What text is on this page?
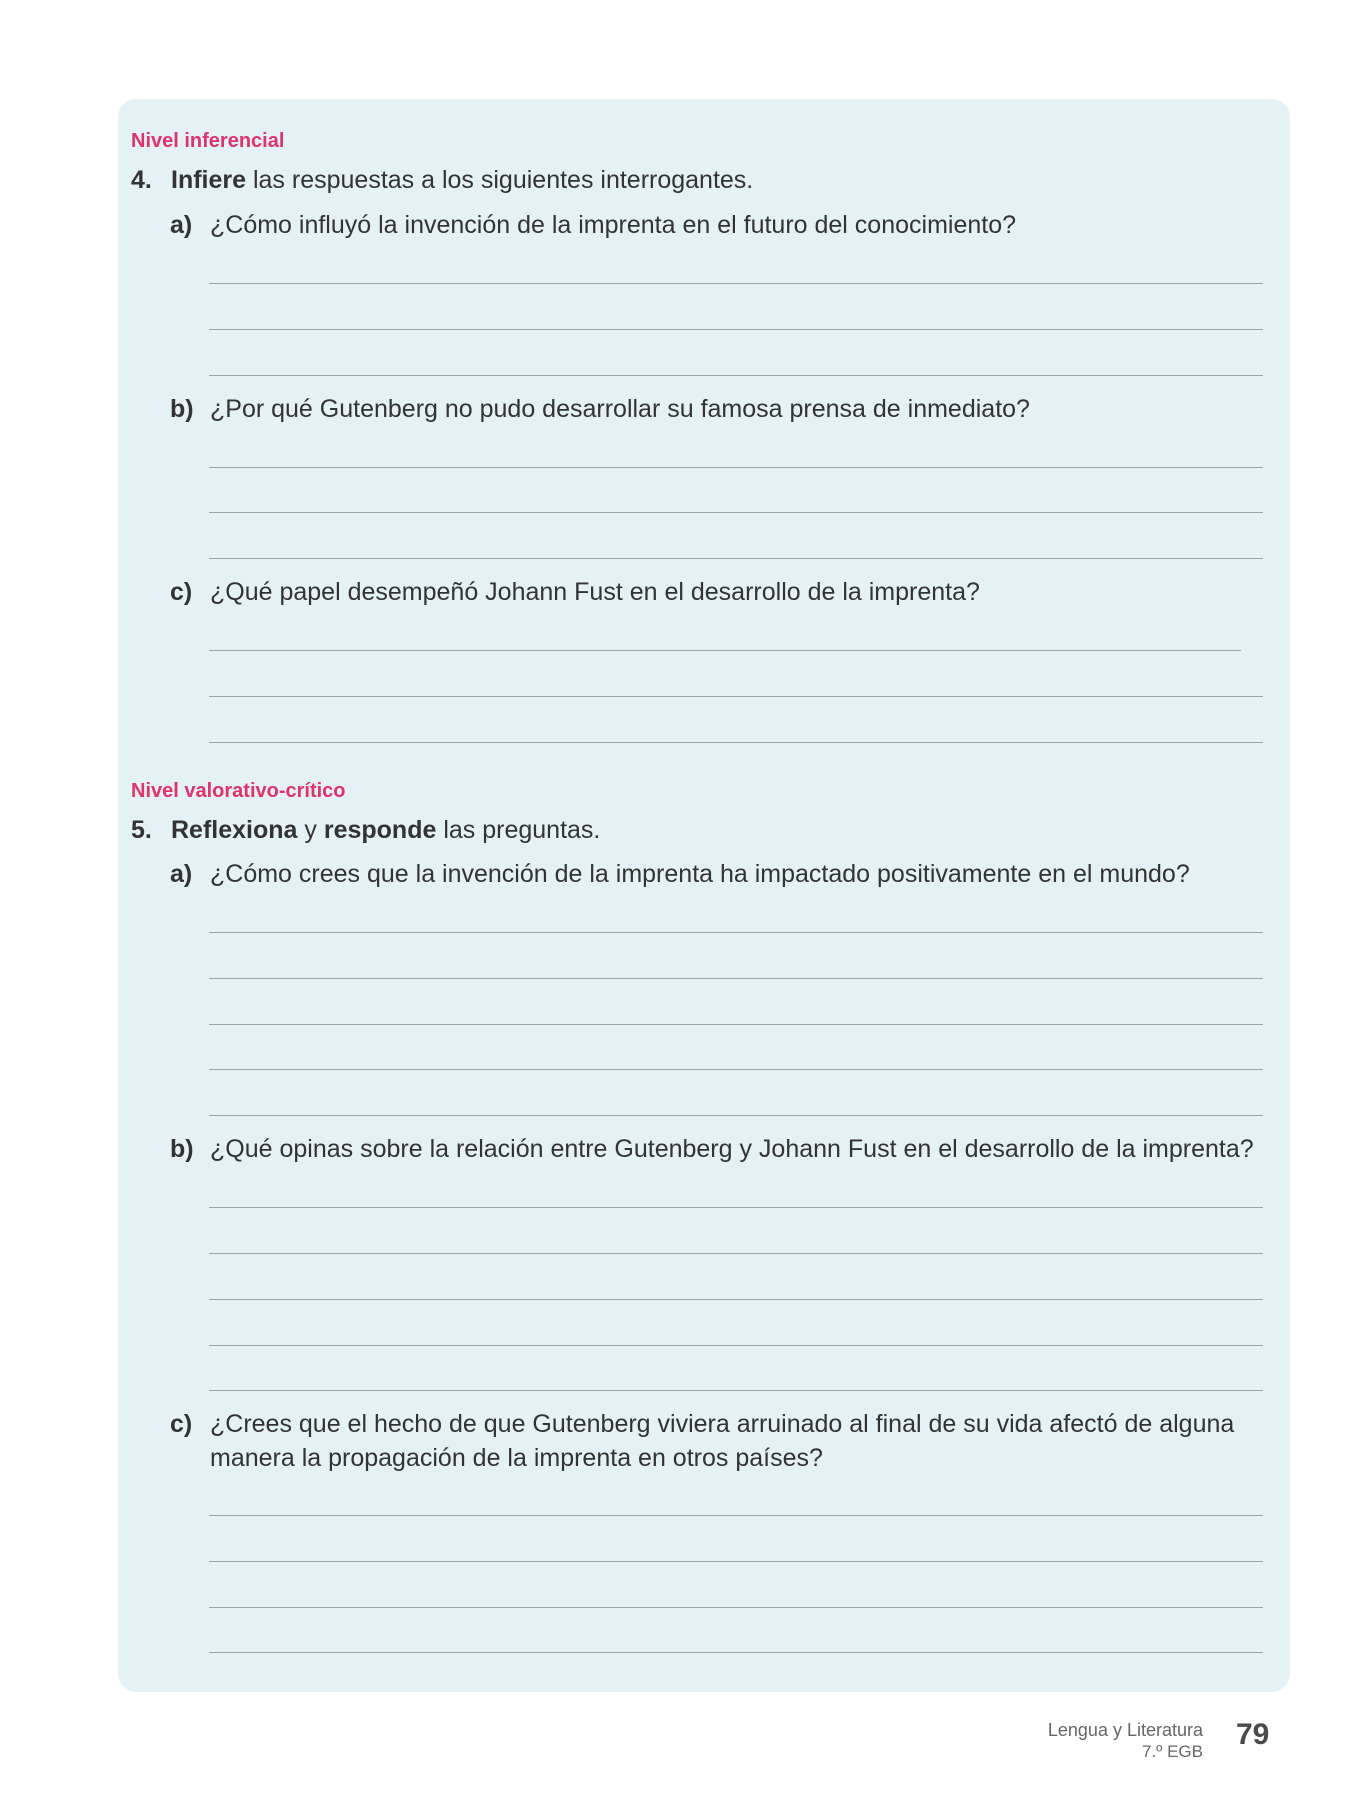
Nivel inferencial
4. Infiere las respuestas a los siguientes interrogantes.
a) ¿Cómo influyó la invención de la imprenta en el futuro del conocimiento?
b) ¿Por qué Gutenberg no pudo desarrollar su famosa prensa de inmediato?
c) ¿Qué papel desempeñó Johann Fust en el desarrollo de la imprenta?
Nivel valorativo-crítico
5. Reflexiona y responde las preguntas.
a) ¿Cómo crees que la invención de la imprenta ha impactado positivamente en el mundo?
b) ¿Qué opinas sobre la relación entre Gutenberg y Johann Fust en el desarrollo de la imprenta?
c) ¿Crees que el hecho de que Gutenberg viviera arruinado al final de su vida afectó de alguna
manera la propagación de la imprenta en otros países?
Lengua y Literatura
7.º EGB
79
